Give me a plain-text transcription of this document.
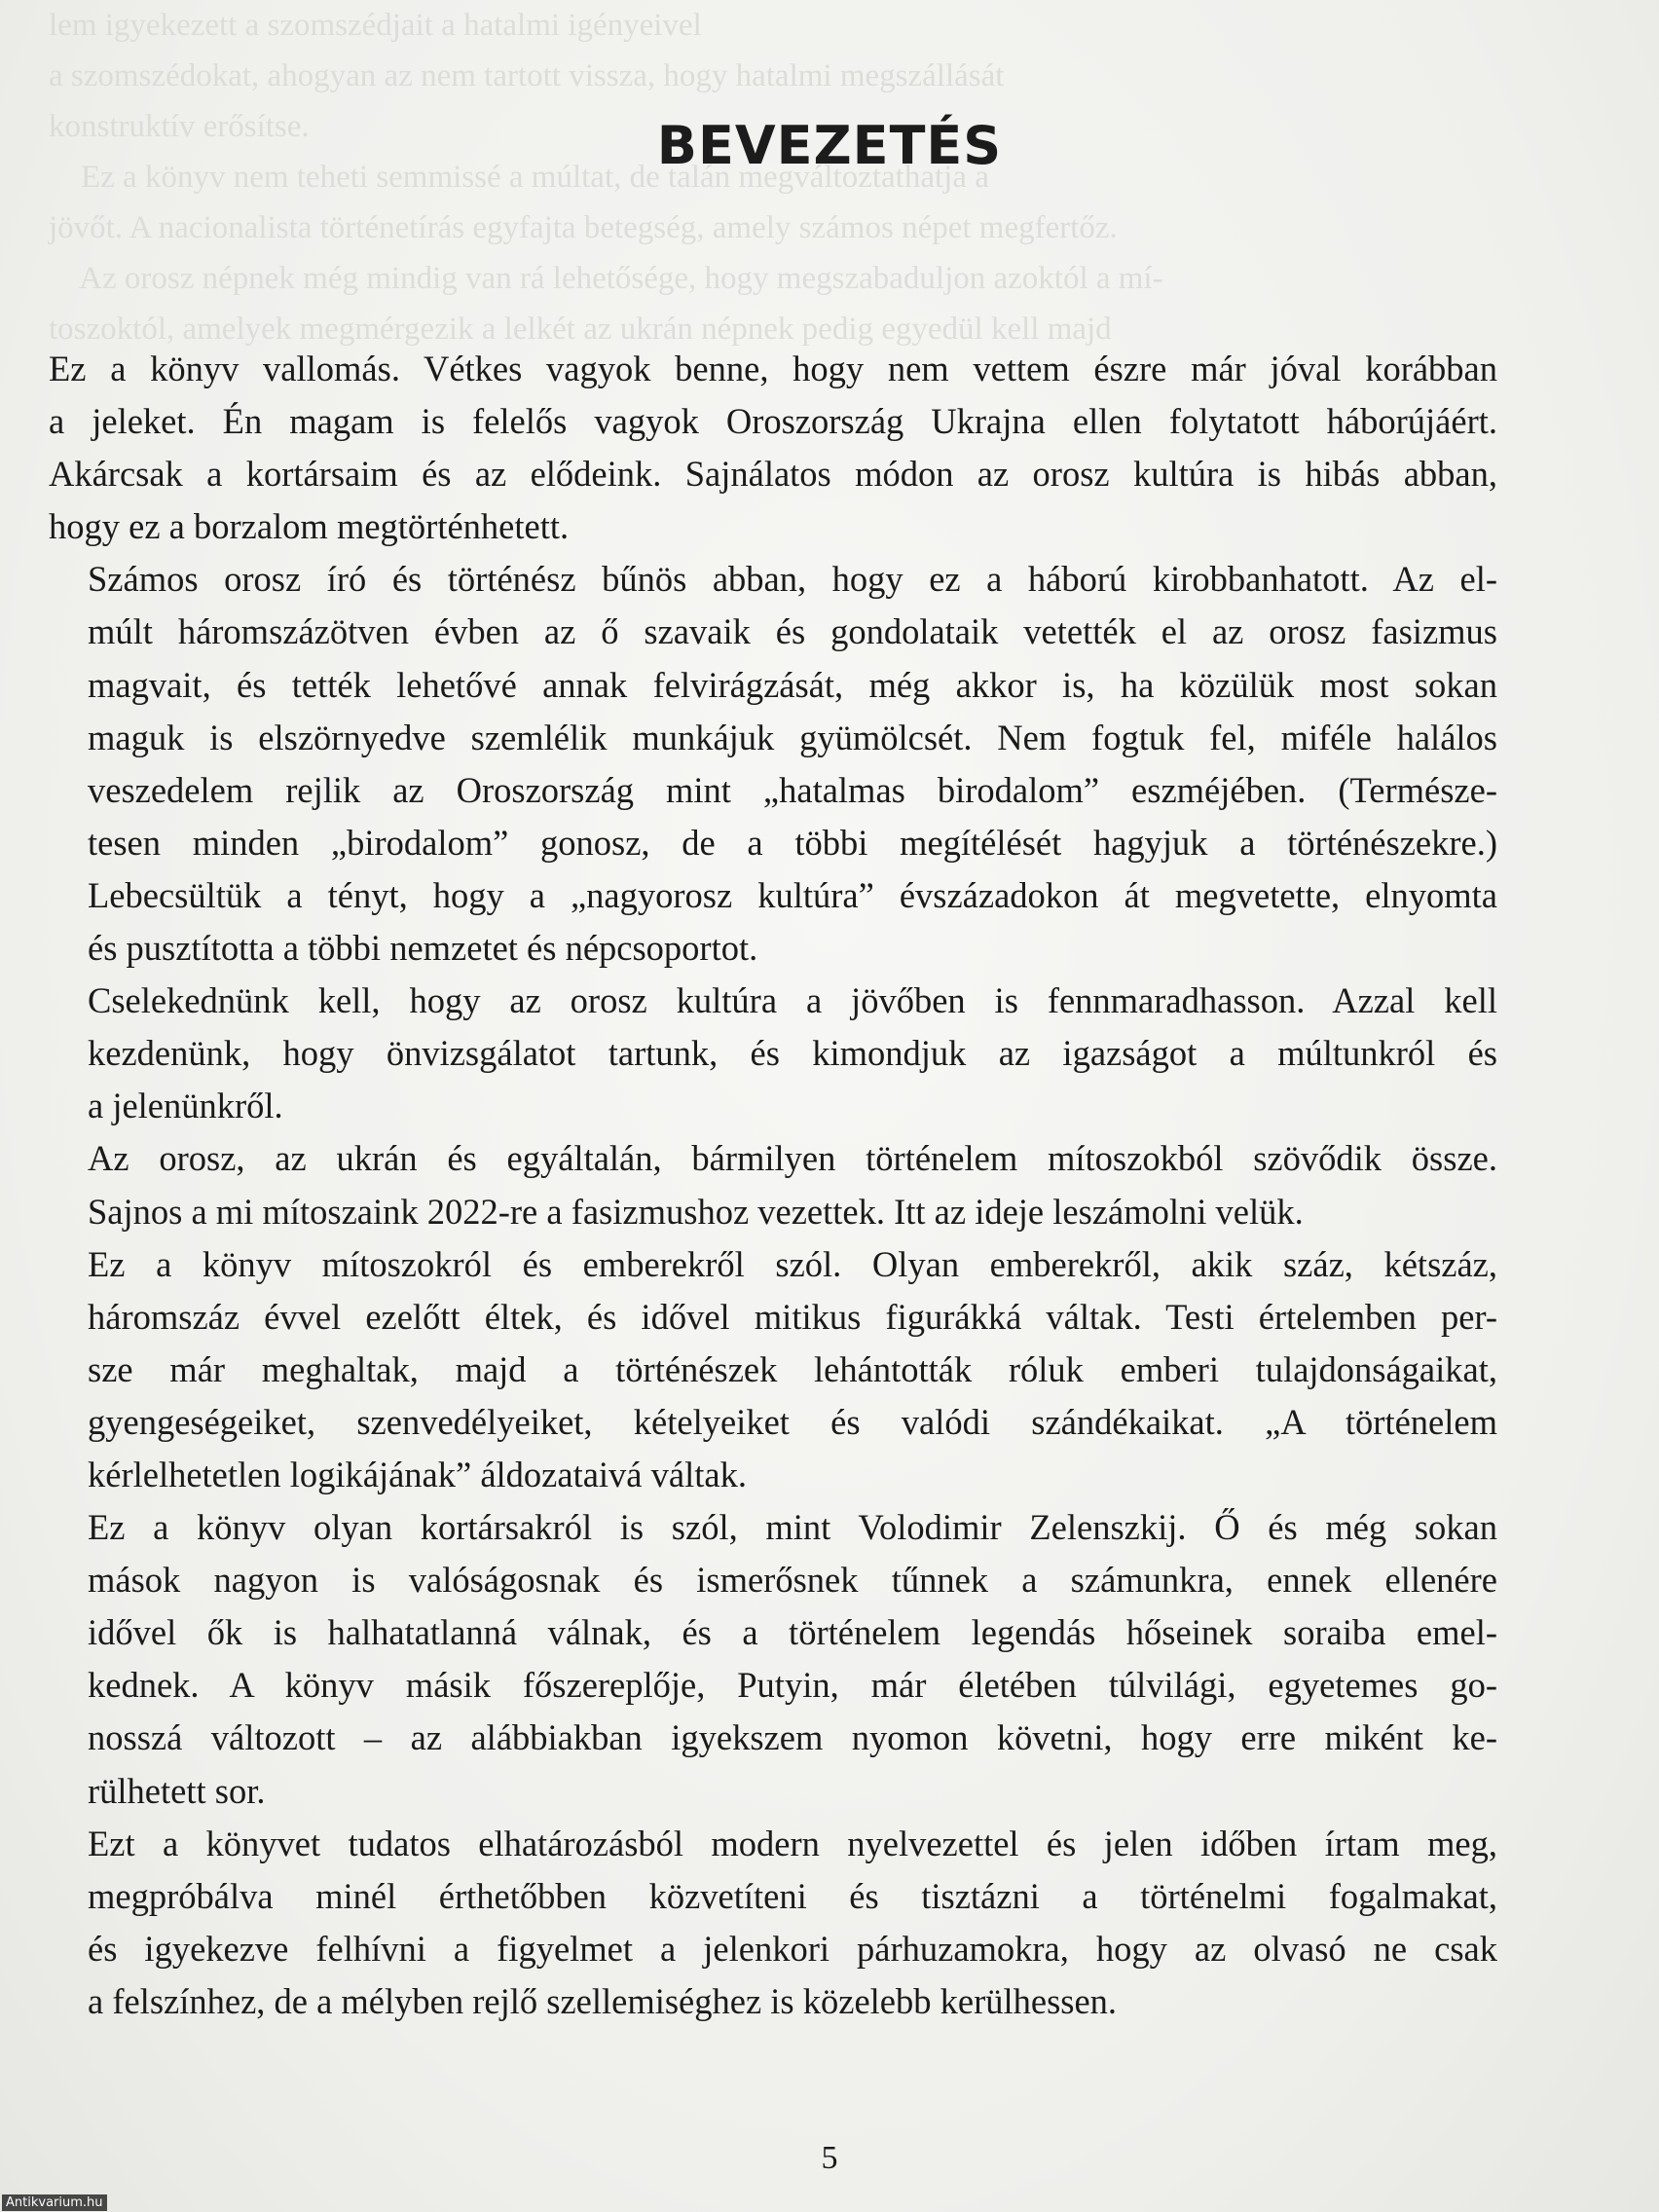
lem igyekezett a szomszédjait a hatalmi igényeivel
a szomszédokat, ahogyan az nem tartott vissza, hogy hatalmi megszállását
konstruktív erősítse.
Ez a könyv nem teheti semmissé a múltat, de talán megváltoztathatja a
jövőt. A nacionalista történetírás egyfajta betegség, amely számos népet megfertőz.
Az orosz népnek még mindig van rá lehetősége, hogy megszabaduljon azoktól a mí-
toszoktól, amelyek megmérgezik a lelkét az ukrán népnek pedig egyedül kell majd
BEVEZETÉS

Ez a könyv vallomás. Vétkes vagyok benne, hogy nem vettem észre már jóval korábban
a jeleket. Én magam is felelős vagyok Oroszország Ukrajna ellen folytatott háborújáért.
Akárcsak a kortársaim és az elődeink. Sajnálatos módon az orosz kultúra is hibás abban,
hogy ez a borzalom megtörténhetett.

Számos orosz író és történész bűnös abban, hogy ez a háború kirobbanhatott. Az el-
múlt háromszázötven évben az ő szavaik és gondolataik vetették el az orosz fasizmus
magvait, és tették lehetővé annak felvirágzását, még akkor is, ha közülük most sokan
maguk is elszörnyedve szemlélik munkájuk gyümölcsét. Nem fogtuk fel, miféle halálos
veszedelem rejlik az Oroszország mint „hatalmas birodalom” eszméjében. (Természe-
tesen minden „birodalom” gonosz, de a többi megítélését hagyjuk a történészekre.)
Lebecsültük a tényt, hogy a „nagyorosz kultúra” évszázadokon át megvetette, elnyomta
és pusztította a többi nemzetet és népcsoportot.

Cselekednünk kell, hogy az orosz kultúra a jövőben is fennmaradhasson. Azzal kell
kezdenünk, hogy önvizsgálatot tartunk, és kimondjuk az igazságot a múltunkról és
a jelenünkről.

Az orosz, az ukrán és egyáltalán, bármilyen történelem mítoszokból szövődik össze.
Sajnos a mi mítoszaink 2022-re a fasizmushoz vezettek. Itt az ideje leszámolni velük.

Ez a könyv mítoszokról és emberekről szól. Olyan emberekről, akik száz, kétszáz,
háromszáz évvel ezelőtt éltek, és idővel mitikus figurákká váltak. Testi értelemben per-
sze már meghaltak, majd a történészek lehántották róluk emberi tulajdonságaikat,
gyengeségeiket, szenvedélyeiket, kételyeiket és valódi szándékaikat. „A történelem
kérlelhetetlen logikájának” áldozataivá váltak.

Ez a könyv olyan kortársakról is szól, mint Volodimir Zelenszkij. Ő és még sokan
mások nagyon is valóságosnak és ismerősnek tűnnek a számunkra, ennek ellenére
idővel ők is halhatatlanná válnak, és a történelem legendás hőseinek soraiba emel-
kednek. A könyv másik főszereplője, Putyin, már életében túlvilági, egyetemes go-
nosszá változott – az alábbiakban igyekszem nyomon követni, hogy erre miként ke-
rülhetett sor.

Ezt a könyvet tudatos elhatározásból modern nyelvezettel és jelen időben írtam meg,
megpróbálva minél érthetőbben közvetíteni és tisztázni a történelmi fogalmakat,
és igyekezve felhívni a figyelmet a jelenkori párhuzamokra, hogy az olvasó ne csak
a felszínhez, de a mélyben rejlő szellemiséghez is közelebb kerülhessen.

5
Antikvarium.hu
